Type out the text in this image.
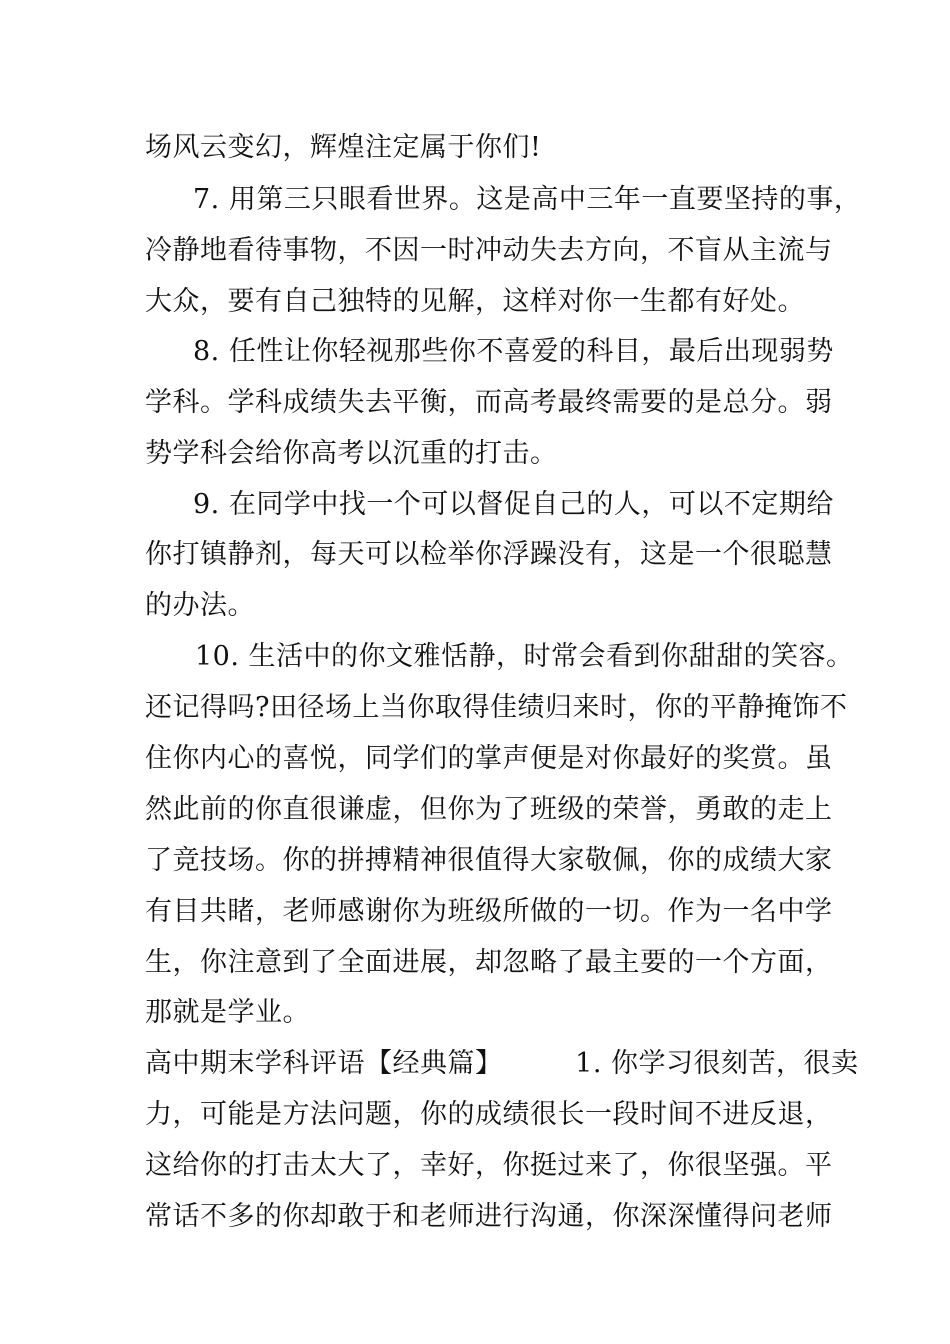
场风云变幻，辉煌注定属于你们!
7. 用第三只眼看世界。这是高中三年一直要坚持的事，
冷静地看待事物，不因一时冲动失去方向，不盲从主流与
大众，要有自己独特的见解，这样对你一生都有好处。
8. 任性让你轻视那些你不喜爱的科目，最后出现弱势
学科。学科成绩失去平衡，而高考最终需要的是总分。弱
势学科会给你高考以沉重的打击。
9. 在同学中找一个可以督促自己的人，可以不定期给
你打镇静剂，每天可以检举你浮躁没有，这是一个很聪慧
的办法。
10. 生活中的你文雅恬静，时常会看到你甜甜的笑容。
还记得吗?田径场上当你取得佳绩归来时，你的平静掩饰不
住你内心的喜悦，同学们的掌声便是对你最好的奖赏。虽
然此前的你直很谦虚，但你为了班级的荣誉，勇敢的走上
了竞技场。你的拼搏精神很值得大家敬佩，你的成绩大家
有目共睹，老师感谢你为班级所做的一切。作为一名中学
生，你注意到了全面进展，却忽略了最主要的一个方面，
那就是学业。
高中期末学科评语【经典篇】        1. 你学习很刻苦，很卖
力，可能是方法问题，你的成绩很长一段时间不进反退，
这给你的打击太大了，幸好，你挺过来了，你很坚强。平
常话不多的你却敢于和老师进行沟通，你深深懂得问老师
